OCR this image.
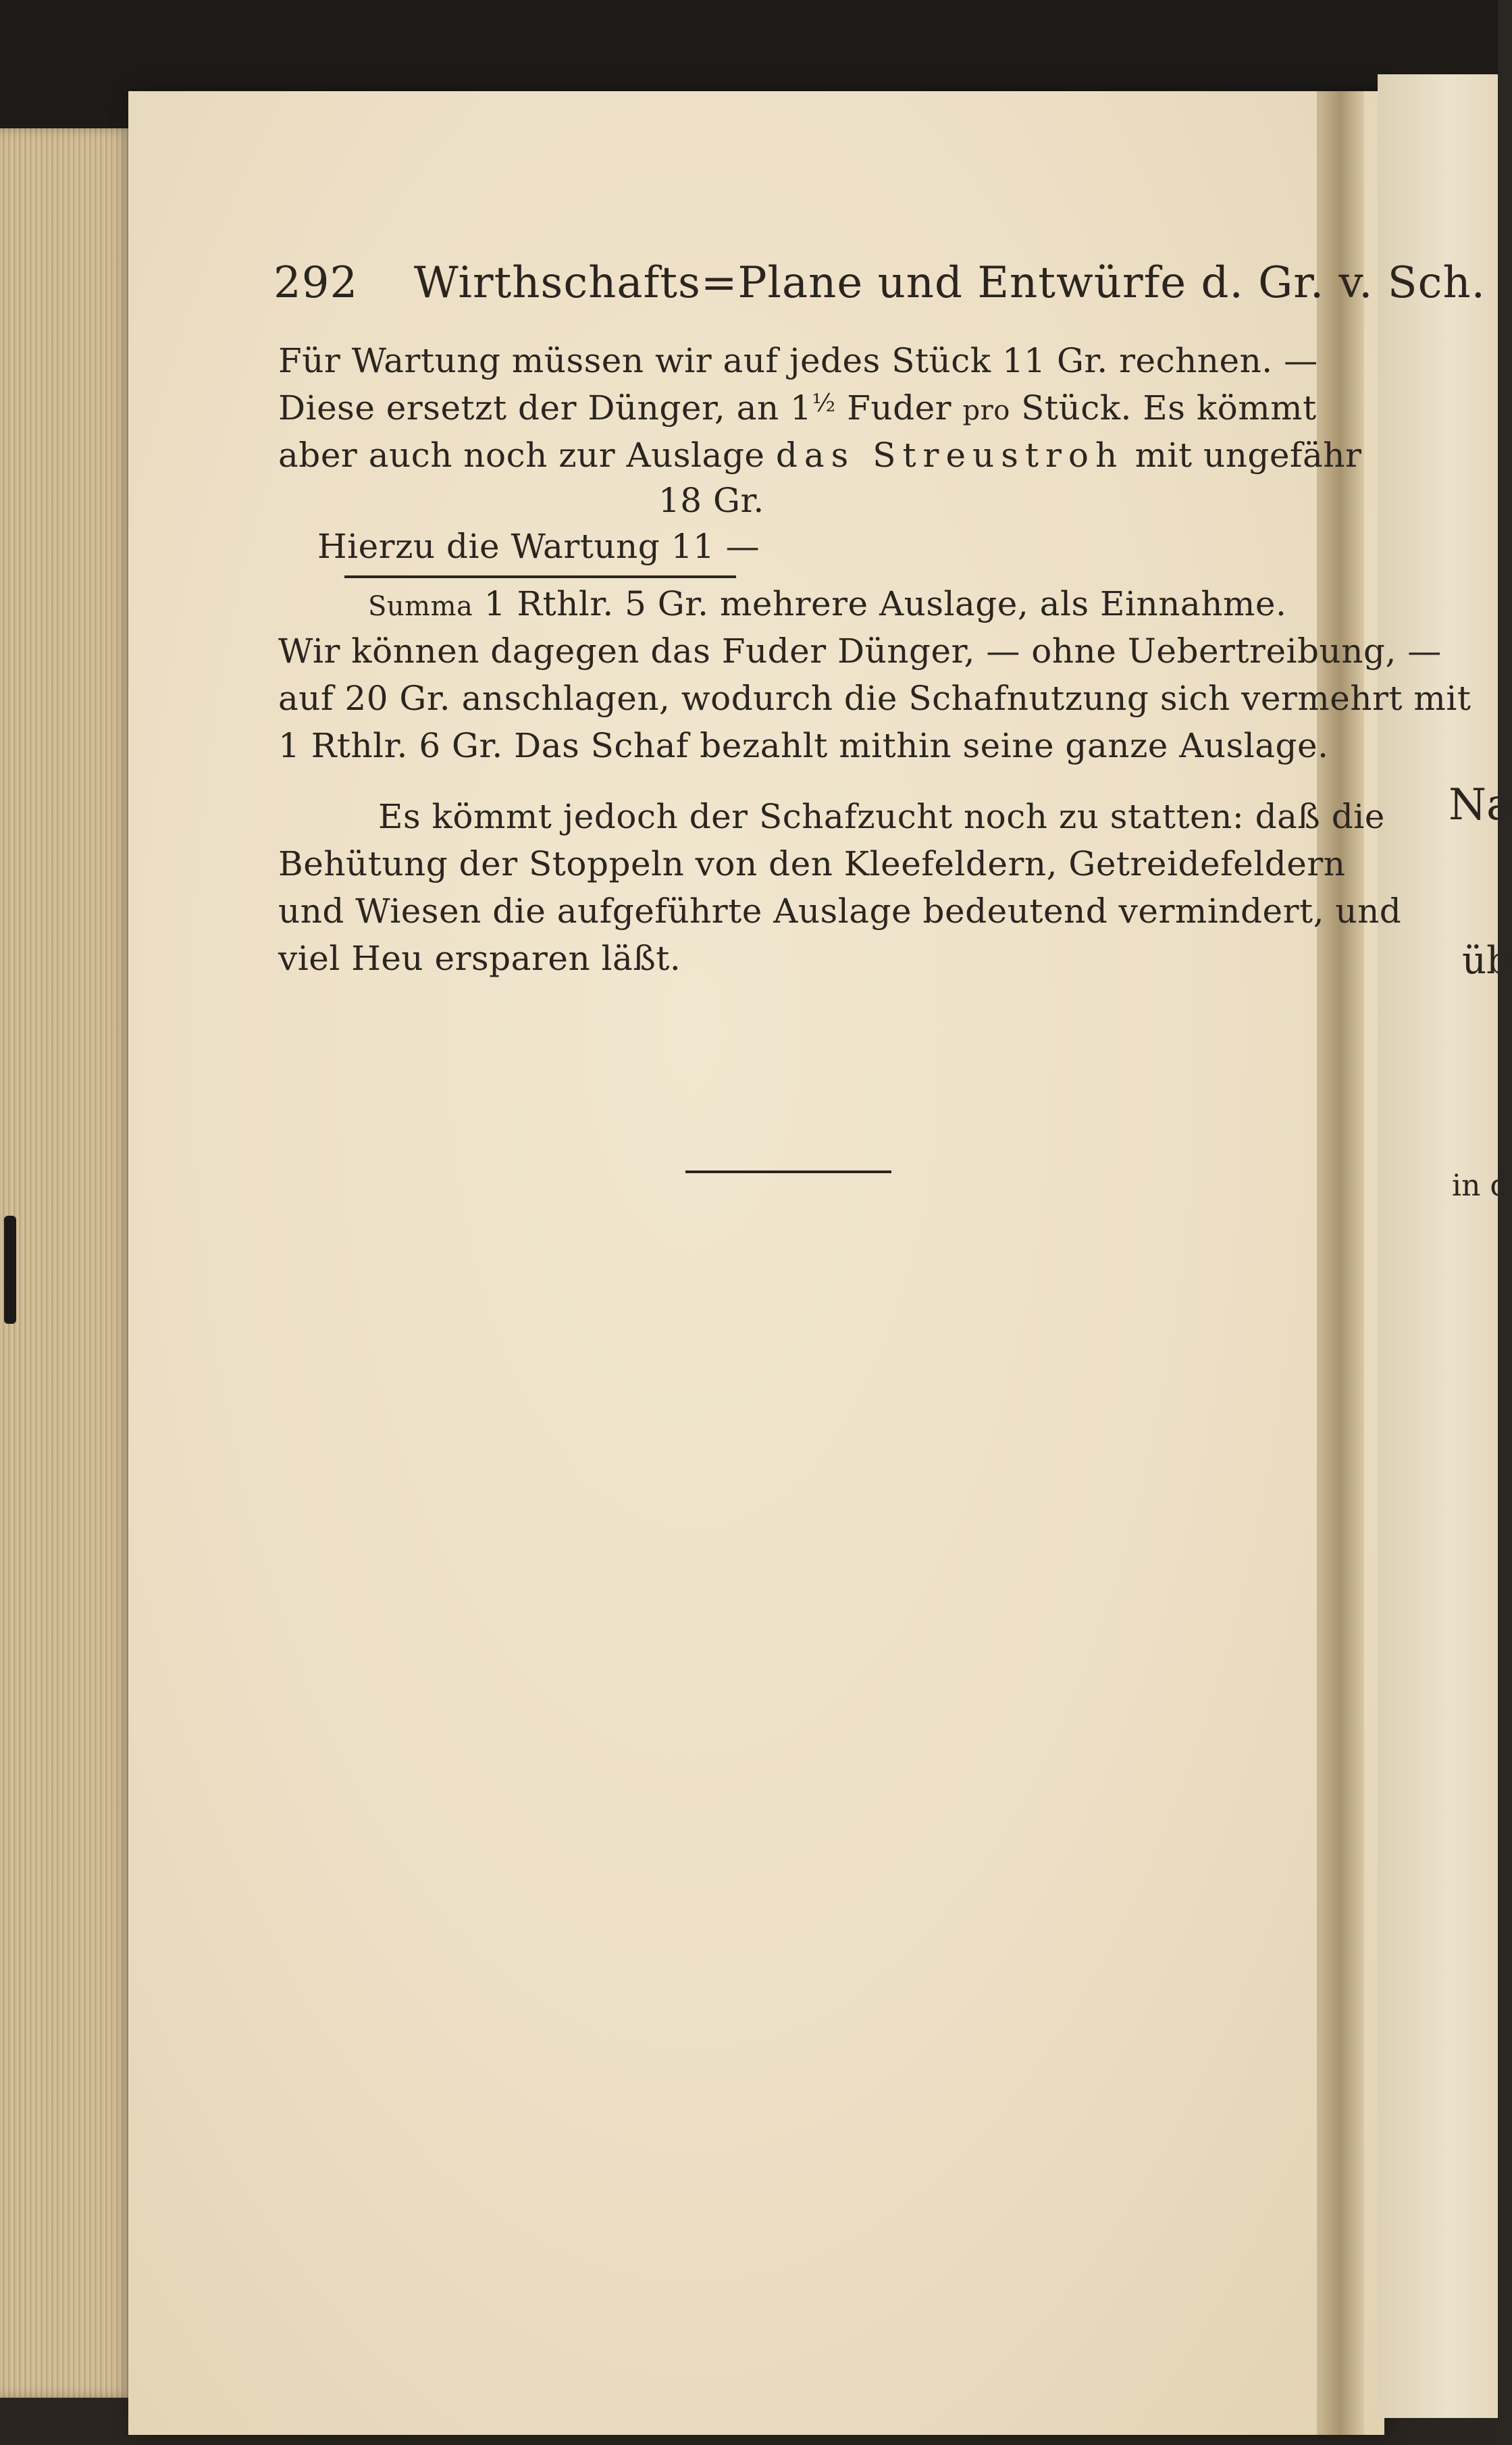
Na
üb
in d
292 Wirthschafts=Plane und Entwürfe d. Gr. v. Sch.
Für Wartung müssen wir auf jedes Stück 11 Gr. rechnen. —
Diese ersetzt der Dünger, an $1^{\frac{1}{2}}$ Fuder pro Stück. Es kömmt
aber auch noch zur Auslage das Streustroh mit ungefähr
18 Gr.
Hierzu die Wartung 11 —
Summa 1 Rthlr. 5 Gr. mehrere Auslage, als Einnahme.
Wir können dagegen das Fuder Dünger, — ohne Uebertreibung, —
auf 20 Gr. anschlagen, wodurch die Schafnutzung sich vermehrt mit
1 Rthlr. 6 Gr. Das Schaf bezahlt mithin seine ganze Auslage.
Es kömmt jedoch der Schafzucht noch zu statten: daß die
Behütung der Stoppeln von den Kleefeldern, Getreidefeldern
und Wiesen die aufgeführte Auslage bedeutend vermindert, und
viel Heu ersparen läßt.
